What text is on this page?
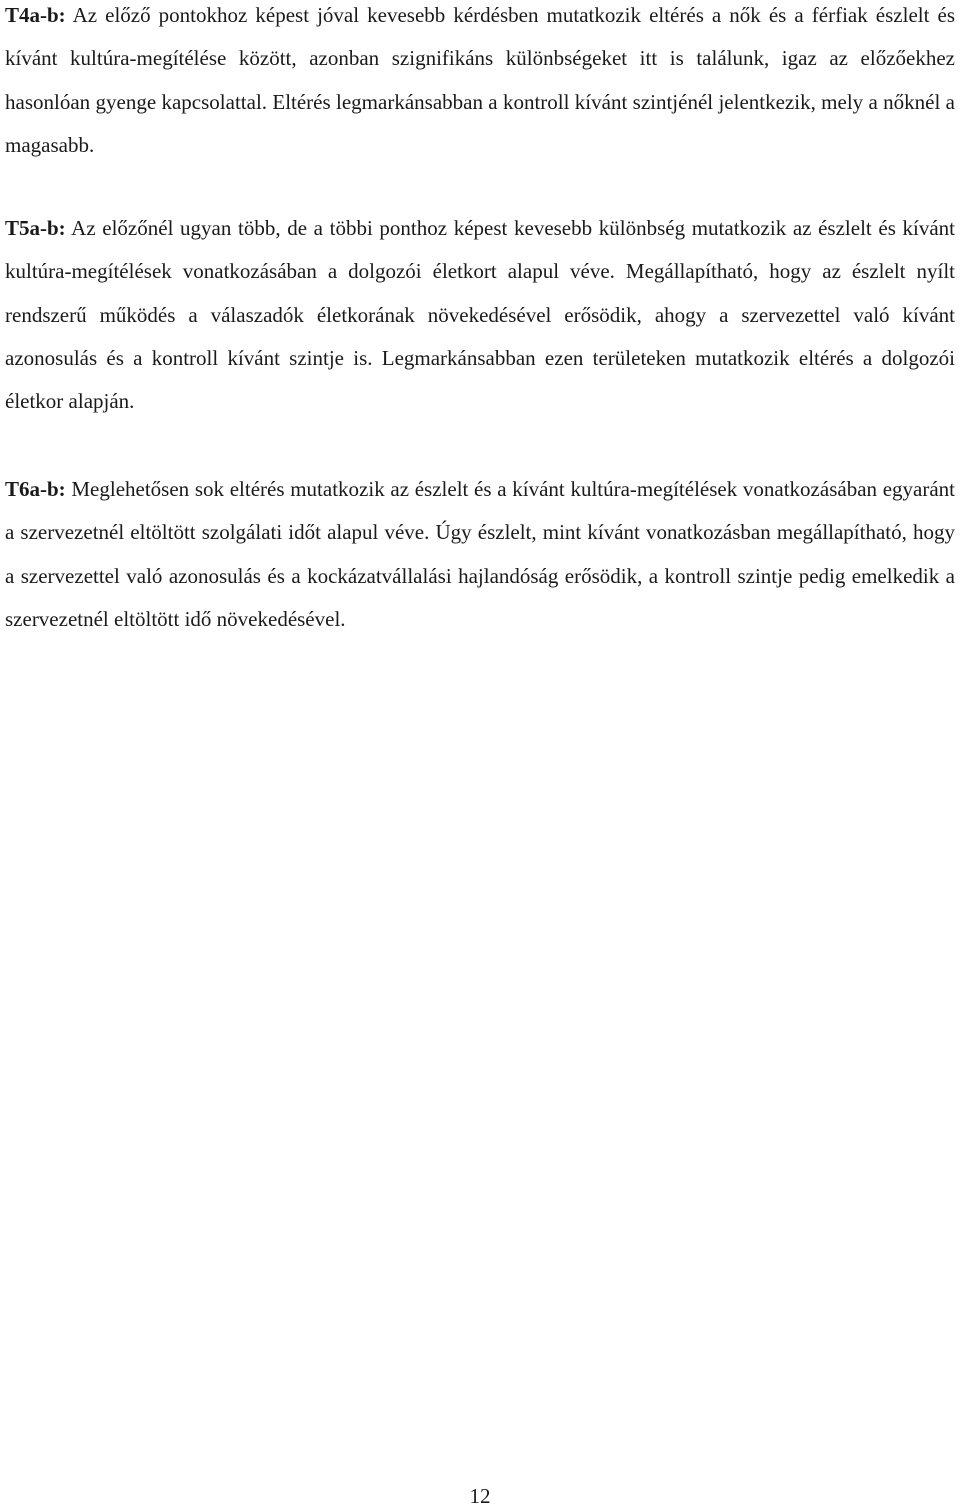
T4a-b: Az előző pontokhoz képest jóval kevesebb kérdésben mutatkozik eltérés a nők és a férfiak észlelt és kívánt kultúra-megítélése között, azonban szignifikáns különbségeket itt is találunk, igaz az előzőekhez hasonlóan gyenge kapcsolattal. Eltérés legmarkánsabban a kontroll kívánt szintjénél jelentkezik, mely a nőknél a magasabb.

T5a-b: Az előzőnél ugyan több, de a többi ponthoz képest kevesebb különbség mutatkozik az észlelt és kívánt kultúra-megítélések vonatkozásában a dolgozói életkort alapul véve. Megállapítható, hogy az észlelt nyílt rendszerű működés a válaszadók életkorának növekedésével erősödik, ahogy a szervezettel való kívánt azonosulás és a kontroll kívánt szintje is. Legmarkánsabban ezen területeken mutatkozik eltérés a dolgozói életkor alapján.

T6a-b: Meglehetősen sok eltérés mutatkozik az észlelt és a kívánt kultúra-megítélések vonatkozásában egyaránt a szervezetnél eltöltött szolgálati időt alapul véve. Úgy észlelt, mint kívánt vonatkozásban megállapítható, hogy a szervezettel való azonosulás és a kockázatvállalási hajlandóság erősödik, a kontroll szintje pedig emelkedik a szervezetnél eltöltött idő növekedésével.

12
